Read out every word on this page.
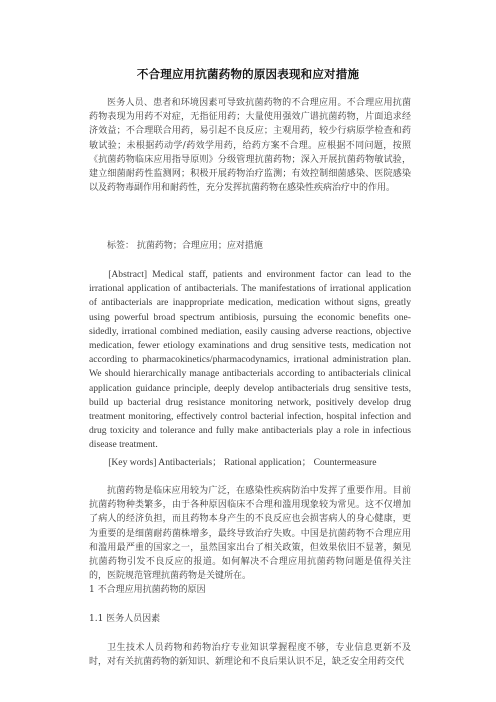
不合理应用抗菌药物的原因表现和应对措施

医务人员、患者和环境因素可导致抗菌药物的不合理应用。不合理应用抗菌药物表现为用药不对症，无指征用药；大量使用强效广谱抗菌药物，片面追求经济效益；不合理联合用药，易引起不良反应；主观用药，较少行病原学检查和药敏试验；未根据药动学/药效学用药，给药方案不合理。应根据不同问题，按照《抗菌药物临床应用指导原则》分级管理抗菌药物；深入开展抗菌药物敏试验，建立细菌耐药性监测网；积极开展药物治疗监测；有效控制细菌感染、医院感染以及药物毒副作用和耐药性，充分发挥抗菌药物在感染性疾病治疗中的作用。

标签： 抗菌药物；合理应用；应对措施

[Abstract] Medical staff, patients and environment factor can lead to the irrational application of antibacterials. The manifestations of irrational application of antibacterials are inappropriate medication, medication without signs, greatly using powerful broad spectrum antibiosis, pursuing the economic benefits one-sidedly, irrational combined mediation, easily causing adverse reactions, objective medication, fewer etiology examinations and drug sensitive tests, medication not according to pharmacokinetics/pharmacodynamics, irrational administration plan. We should hierarchically manage antibacterials according to antibacterials clinical application guidance principle, deeply develop antibacterials drug sensitive tests, build up bacterial drug resistance monitoring network, positively develop drug treatment monitoring, effectively control bacterial infection, hospital infection and drug toxicity and tolerance and fully make antibacterials play a role in infectious disease treatment.

[Key words] Antibacterials； Rational application； Countermeasure

抗菌药物是临床应用较为广泛，在感染性疾病防治中发挥了重要作用。目前抗菌药物种类繁多，由于各种原因临床不合理和滥用现象较为常见。这不仅增加了病人的经济负担，而且药物本身产生的不良反应也会损害病人的身心健康，更为重要的是细菌耐药菌株增多，最终导致治疗失败。中国是抗菌药物不合理应用和滥用最严重的国家之一，虽然国家出台了相关政策，但效果依旧不显著，频见抗菌药物引发不良反应的报道。如何解决不合理应用抗菌药物问题是值得关注的，医院规范管理抗菌药物是关键所在。

1 不合理应用抗菌药物的原因

1.1 医务人员因素

卫生技术人员药物和药物治疗专业知识掌握程度不够，专业信息更新不及时，对有关抗菌药物的新知识、新理论和不良后果认识不足，缺乏安全用药交代
